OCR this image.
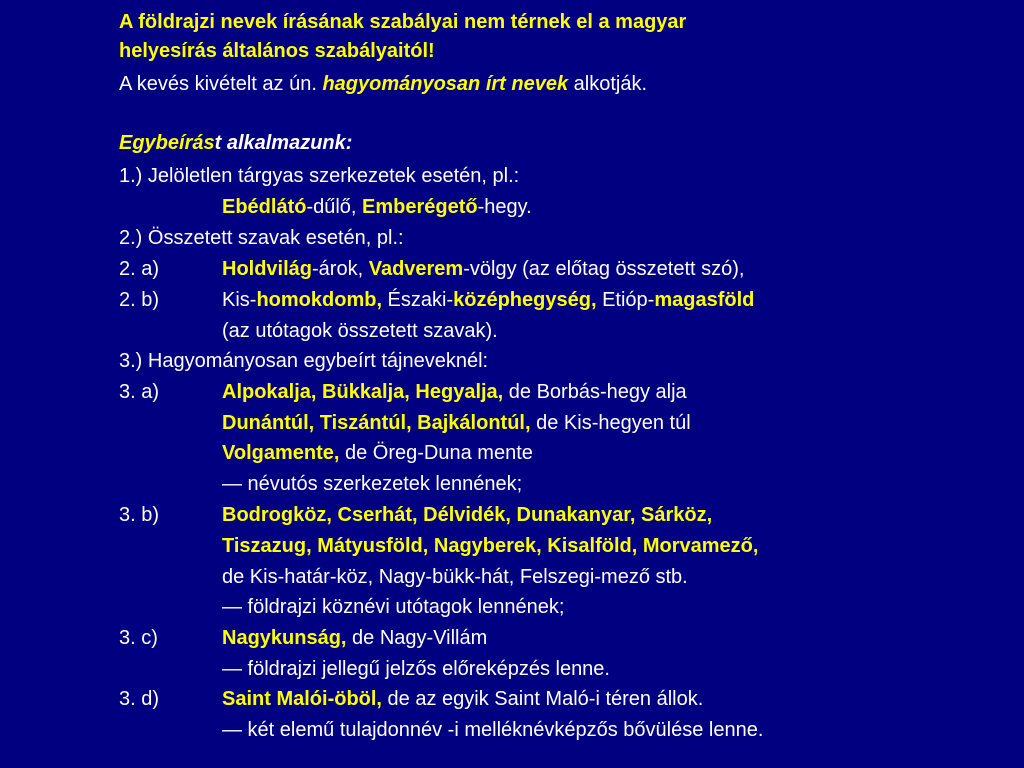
A földrajzi nevek írásának szabályai nem térnek el a magyar
helyesírás általános szabályaitól!
A kevés kivételt az ún. hagyományosan írt nevek alkotják.
Egybeírást alkalmazunk:
1.) Jelöletlen tárgyas szerkezetek esetén, pl.:
Ebédlátó-dűlő, Emberégető-hegy.
2.) Összetett szavak esetén, pl.:
2. a)	Holdvilág-árok, Vadverem-völgy (az előtag összetett szó),
2. b)	Kis-homokdomb, Északi-középhegység, Etióp-magasföld
(az utótagok összetett szavak).
3.) Hagyományosan egybeírt tájneveknél:
3. a)	Alpokalja, Bükkalja, Hegyalja, de Borbás-hegy alja
Dunántúl, Tiszántúl, Bajkálontúl, de Kis-hegyen túl
Volgamente, de Öreg-Duna mente
— névutós szerkezetek lennének;
3. b)	Bodrogköz, Cserhát, Délvidék, Dunakanyar, Sárköz,
Tiszazug, Mátyusföld, Nagyberek, Kisalföld, Morvamező,
de Kis-határ-köz, Nagy-bükk-hát, Felszegi-mező stb.
— földrajzi köznévi utótagok lennének;
3. c)	Nagykunság, de Nagy-Villám
— földrajzi jellegű jelzős előreképzés lenne.
3. d)	Saint Malói-öböl, de az egyik Saint Maló-i téren állok.
— két elemű tulajdonnév -i melléknévképzős bővülése lenne.
